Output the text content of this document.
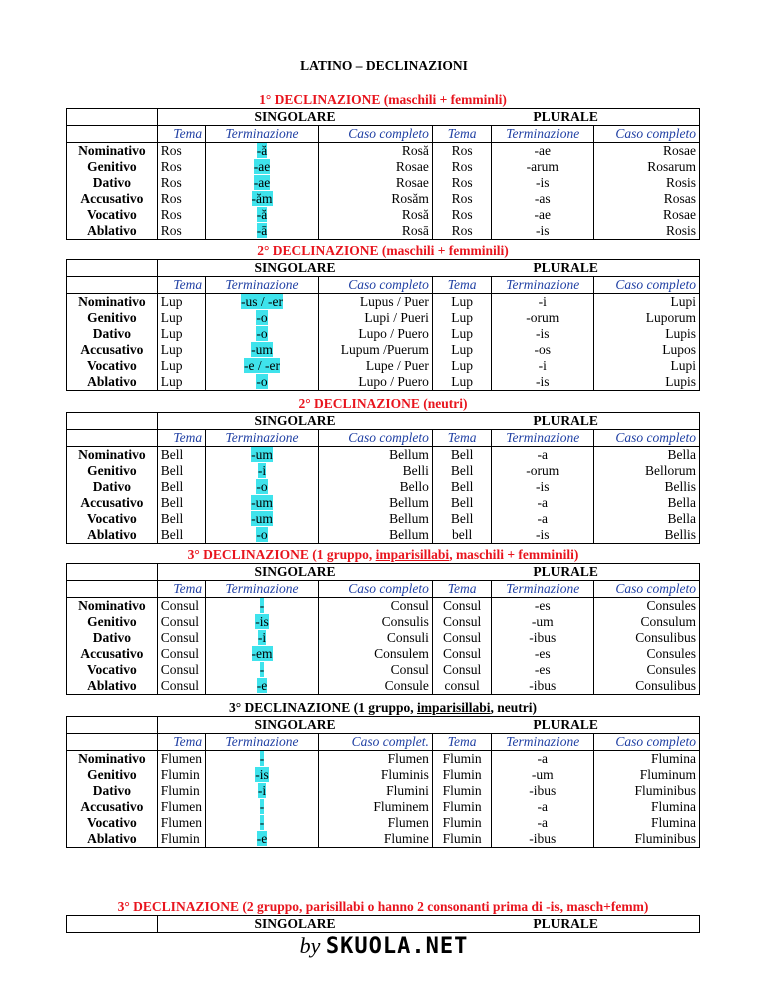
LATINO – DECLINAZIONI
1° DECLINAZIONE (maschili + femminli)
	SINGOLARE			PLURALE		
	Tema	Terminazione	Caso completo	Tema	Terminazione	Caso completo
Nominativo	Ros	-ă	Rosă	Ros	-ae	Rosae
Genitivo	Ros	-ae	Rosae	Ros	-arum	Rosarum
Dativo	Ros	-ae	Rosae	Ros	-is	Rosis
Accusativo	Ros	-ăm	Rosăm	Ros	-as	Rosas
Vocativo	Ros	-ă	Rosă	Ros	-ae	Rosae
Ablativo	Ros	-ā	Rosā	Ros	-is	Rosis
2° DECLINAZIONE (maschili + femminili)
	SINGOLARE			PLURALE		
	Tema	Terminazione	Caso completo	Tema	Terminazione	Caso completo
Nominativo	Lup	-us / -er	Lupus / Puer	Lup	-i	Lupi
Genitivo	Lup	-o	Lupi / Pueri	Lup	-orum	Luporum
Dativo	Lup	-o	Lupo / Puero	Lup	-is	Lupis
Accusativo	Lup	-um	Lupum /Puerum	Lup	-os	Lupos
Vocativo	Lup	-e / -er	Lupe / Puer	Lup	-i	Lupi
Ablativo	Lup	-o	Lupo / Puero	Lup	-is	Lupis
2° DECLINAZIONE (neutri)
	SINGOLARE			PLURALE		
	Tema	Terminazione	Caso completo	Tema	Terminazione	Caso completo
Nominativo	Bell	-um	Bellum	Bell	-a	Bella
Genitivo	Bell	-i	Belli	Bell	-orum	Bellorum
Dativo	Bell	-o	Bello	Bell	-is	Bellis
Accusativo	Bell	-um	Bellum	Bell	-a	Bella
Vocativo	Bell	-um	Bellum	Bell	-a	Bella
Ablativo	Bell	-o	Bellum	bell	-is	Bellis
3° DECLINAZIONE (1 gruppo, imparisillabi, maschili + femminili)
	SINGOLARE			PLURALE		
	Tema	Terminazione	Caso completo	Tema	Terminazione	Caso completo
Nominativo	Consul	-	Consul	Consul	-es	Consules
Genitivo	Consul	-is	Consulis	Consul	-um	Consulum
Dativo	Consul	-i	Consuli	Consul	-ibus	Consulibus
Accusativo	Consul	-em	Consulem	Consul	-es	Consules
Vocativo	Consul	-	Consul	Consul	-es	Consules
Ablativo	Consul	-e	Consule	consul	-ibus	Consulibus
3° DECLINAZIONE (1 gruppo, imparisillabi, neutri)
	SINGOLARE			PLURALE		
	Tema	Terminazione	Caso complet.	Tema	Terminazione	Caso completo
Nominativo	Flumen	-	Flumen	Flumin	-a	Flumina
Genitivo	Flumin	-is	Fluminis	Flumin	-um	Fluminum
Dativo	Flumin	-i	Flumini	Flumin	-ibus	Fluminibus
Accusativo	Flumen	-	Fluminem	Flumin	-a	Flumina
Vocativo	Flumen	-	Flumen	Flumin	-a	Flumina
Ablativo	Flumin	-e	Flumine	Flumin	-ibus	Fluminibus
3° DECLINAZIONE (2 gruppo, parisillabi o hanno 2 consonanti prima di -is, masch+femm)
	SINGOLARE	PLURALE
by SKUOLA.NET
